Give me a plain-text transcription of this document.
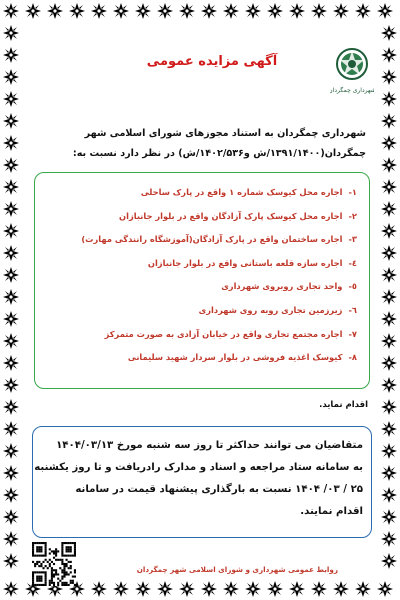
آگهی مزایده عمومی
شهرداری چمگردان
شهرداری چمگردان به استناد مجوزهای شورای اسلامی شهر
چمگردان(۱۳۹۱/۱۴۰۰/ش و۱۴۰۲/۵۳۶/ش) در نظر دارد نسبت به:
۱-اجاره محل کیوسک شماره ۱ واقع در پارک ساحلی
۲-اجاره محل کیوسک پارک آزادگان واقع در بلوار جانبازان
۳-اجاره ساختمان واقع در پارک آزادگان(آموزشگاه رانندگی مهارت)
٤-اجاره سازه قلعه باستانی واقع در بلوار جانبازان
٥-واحد تجاری روبروی شهرداری
٦-زیرزمین تجاری روبه روی شهرداری
۷-اجاره مجتمع تجاری واقع در خیابان آزادی به صورت متمرکز
۸-کیوسک اغذیه فروشی در بلوار سردار شهید سلیمانی
اقدام نماید.
متقاضیان می توانند حداکثر تا روز سه شنبه مورخ ۱۴۰۴/۰۳/۱۳
به سامانه ستاد مراجعه و اسناد و مدارک رادریافت و تا روز یکشنبه
۲۵ / ۰۳/ ۱۴۰۴ نسبت به بارگذاری پیشنهاد قیمت در سامانه
اقدام نمایند.
روابط عمومی شهرداری و شورای اسلامی شهر چمگردان
